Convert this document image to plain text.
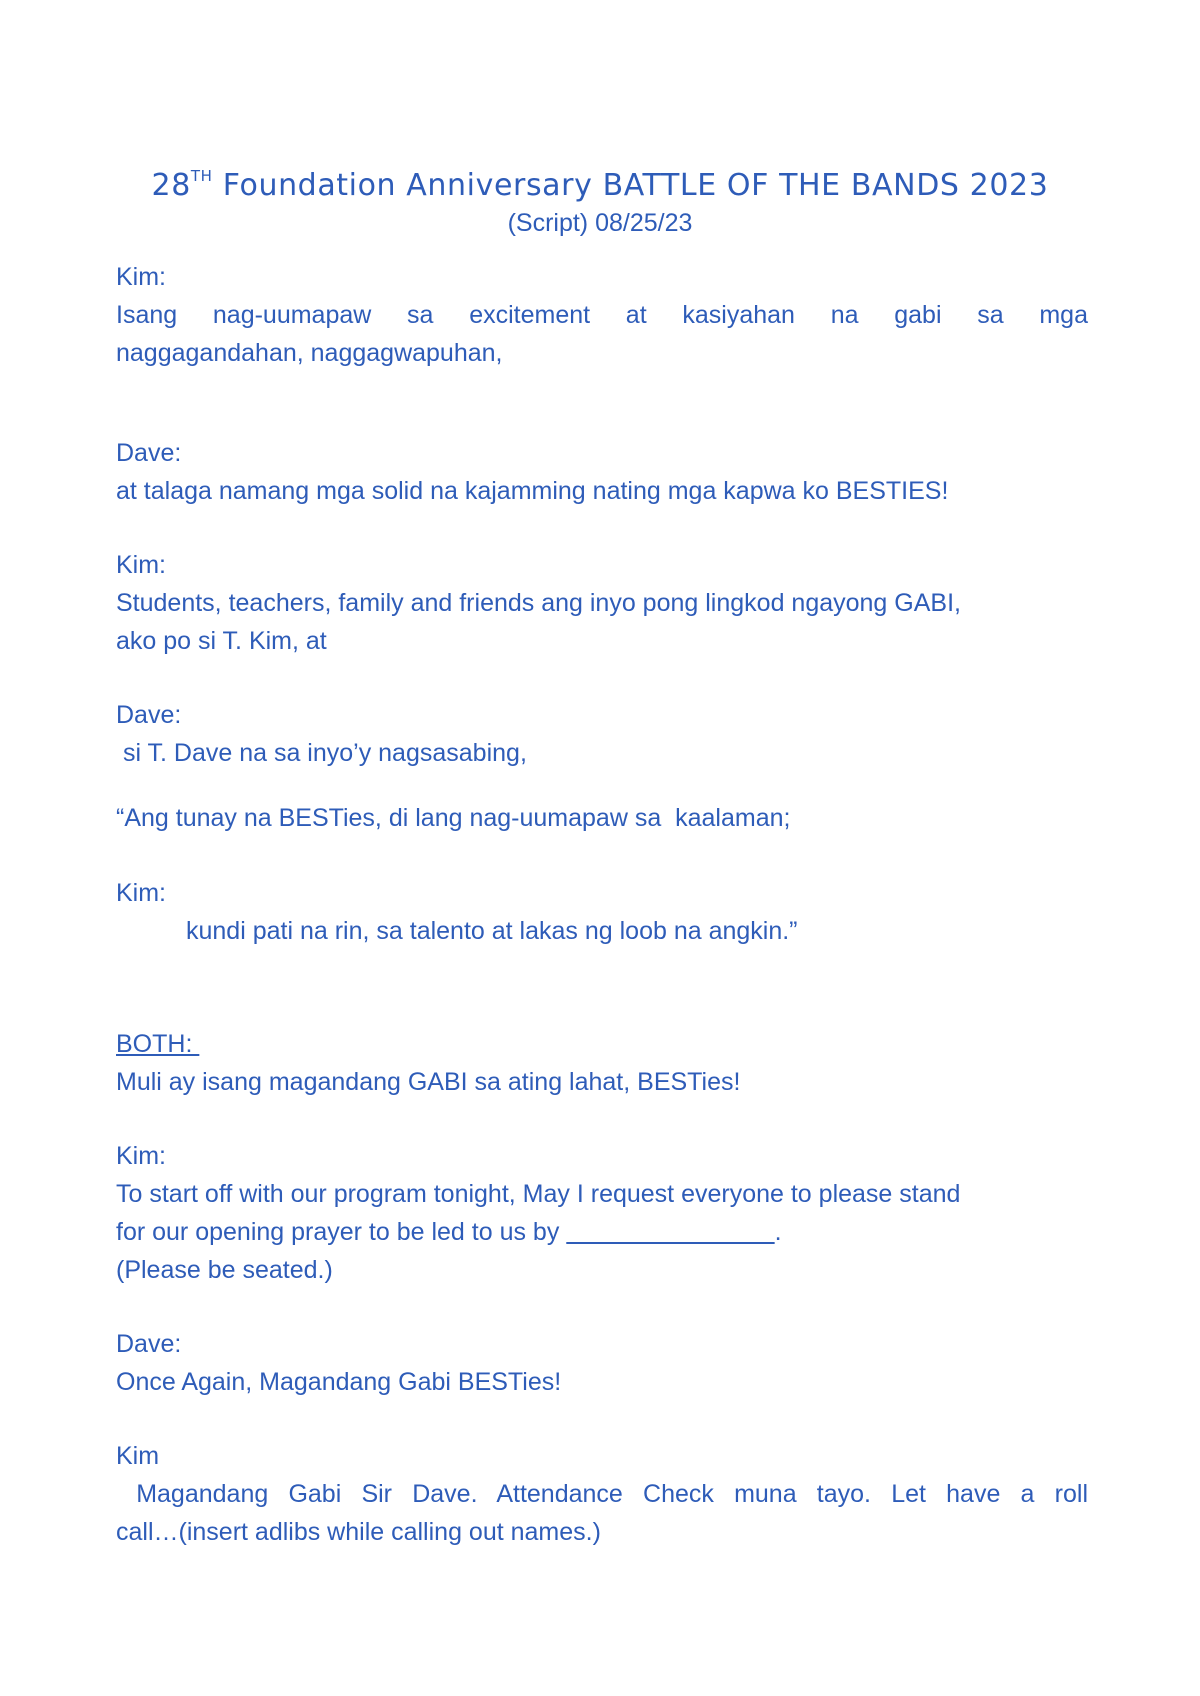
28TH Foundation Anniversary BATTLE OF THE BANDS 2023
(Script) 08/25/23
Kim:
Isang nag-uumapaw sa excitement at kasiyahan na gabi sa mga
naggagandahan, naggagwapuhan,
Dave:
at talaga namang mga solid na kajamming nating mga kapwa ko BESTIES!
Kim:
Students, teachers, family and friends ang inyo pong lingkod ngayong GABI,
ako po si T. Kim, at
Dave:
si T. Dave na sa inyo’y nagsasabing,
“Ang tunay na BESTies, di lang nag-uumapaw sa  kaalaman;
Kim:
kundi pati na rin, sa talento at lakas ng loob na angkin.”
BOTH:
Muli ay isang magandang GABI sa ating lahat, BESTies!
Kim:
To start off with our program tonight, May I request everyone to please stand
for our opening prayer to be led to us by	.
(Please be seated.)
Dave:
Once Again, Magandang Gabi BESTies!
Kim
Magandang Gabi Sir Dave. Attendance Check muna tayo. Let have a roll
call…(insert adlibs while calling out names.)
